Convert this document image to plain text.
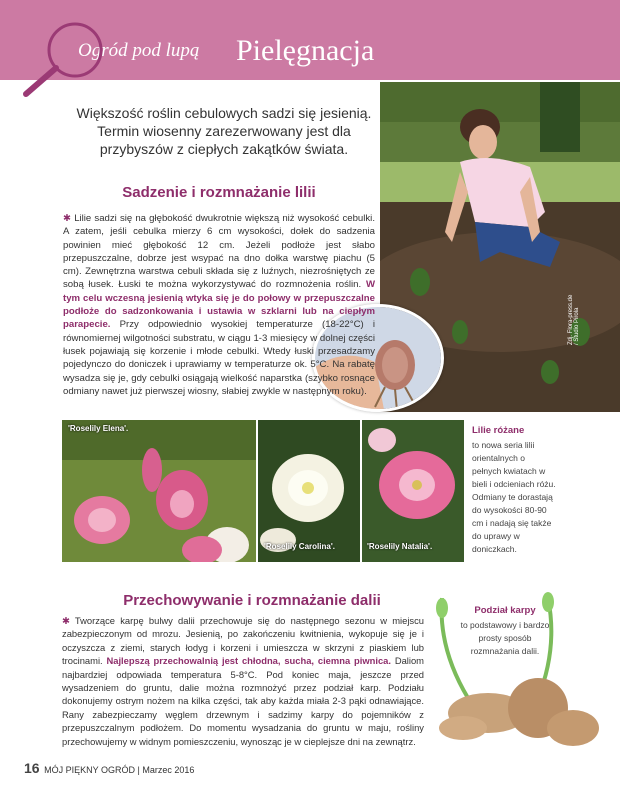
Ogród pod lupą Pielęgnacja
Większość roślin cebulowych sadzi się jesienią. Termin wiosenny zarezerwowany jest dla przybyszów z ciepłych zakątków świata.
Zdj. Flora-press.de / Studio Pirola
Sadzenie i rozmnażanie lilii
✱ Lilie sadzi się na głębokość dwukrotnie większą niż wysokość cebulki. A zatem, jeśli cebulka mierzy 6 cm wysokości, dołek do sadzenia powinien mieć głębokość 12 cm. Jeżeli podłoże jest słabo przepuszczalne, dobrze jest wsypać na dno dołka warstwę piachu (5 cm). Zewnętrzna warstwa cebuli składa się z luźnych, niezrośniętych ze sobą łusek. Łuski te można wykorzystywać do rozmnożenia roślin. W tym celu wczesną jesienią wtyka się je do połowy w przepuszczalne podłoże do sadzonkowania i ustawia w szklarni lub na ciepłym parapecie. Przy odpowiednio wysokiej temperaturze (18-22°C) i równomiernej wilgotności substratu, w ciągu 1-3 miesięcy w dolnej części łusek pojawiają się korzenie i młode cebulki. Wtedy łuski przesadzamy pojedynczo do doniczek i uprawiamy w temperaturze ok. 5°C. Na rabatę wysadza się je, gdy cebulki osiągają wielkość naparstka (szybko rosnące odmiany nawet już pierwszej wiosny, słabiej zwykle w następnym roku).
'Roselily Elena'.
'Roselily Carolina'.	'Roselily Natalia'.
Lilie różane
to nowa seria lilii orientalnych o pełnych kwiatach w bieli i odcieniach różu. Odmiany te dorastają do wysokości 80-90 cm i nadają się także do uprawy w doniczkach.
Przechowywanie i rozmnażanie dalii
✱ Tworzące karpę bulwy dalii przechowuje się do następnego sezonu w miejscu zabezpieczonym od mrozu. Jesienią, po zakończeniu kwitnienia, wykopuje się je i oczyszcza z ziemi, starych łodyg i korzeni i umieszcza w skrzyni z piaskiem lub trocinami. Najlepszą przechowalnią jest chłodna, sucha, ciemna piwnica. Daliom najbardziej odpowiada temperatura 5-8°C. Pod koniec maja, jeszcze przed wysadzeniem do gruntu, dalie można rozmnożyć przez podział karp. Podziału dokonujemy ostrym nożem na kilka części, tak aby każda miała 2-3 pąki odnawiające. Rany zabezpieczamy węglem drzewnym i sadzimy karpy do pojemników z przepuszczalnym podłożem. Do momentu wysadzania do gruntu w maju, rośliny przechowujemy w widnym pomieszczeniu, wynosząc je w cieplejsze dni na zewnątrz.
Podział karpy
to podstawowy i bardzo prosty sposób rozmnażania dalii.
16 MÓJ PIĘKNY OGRÓD | Marzec 2016
